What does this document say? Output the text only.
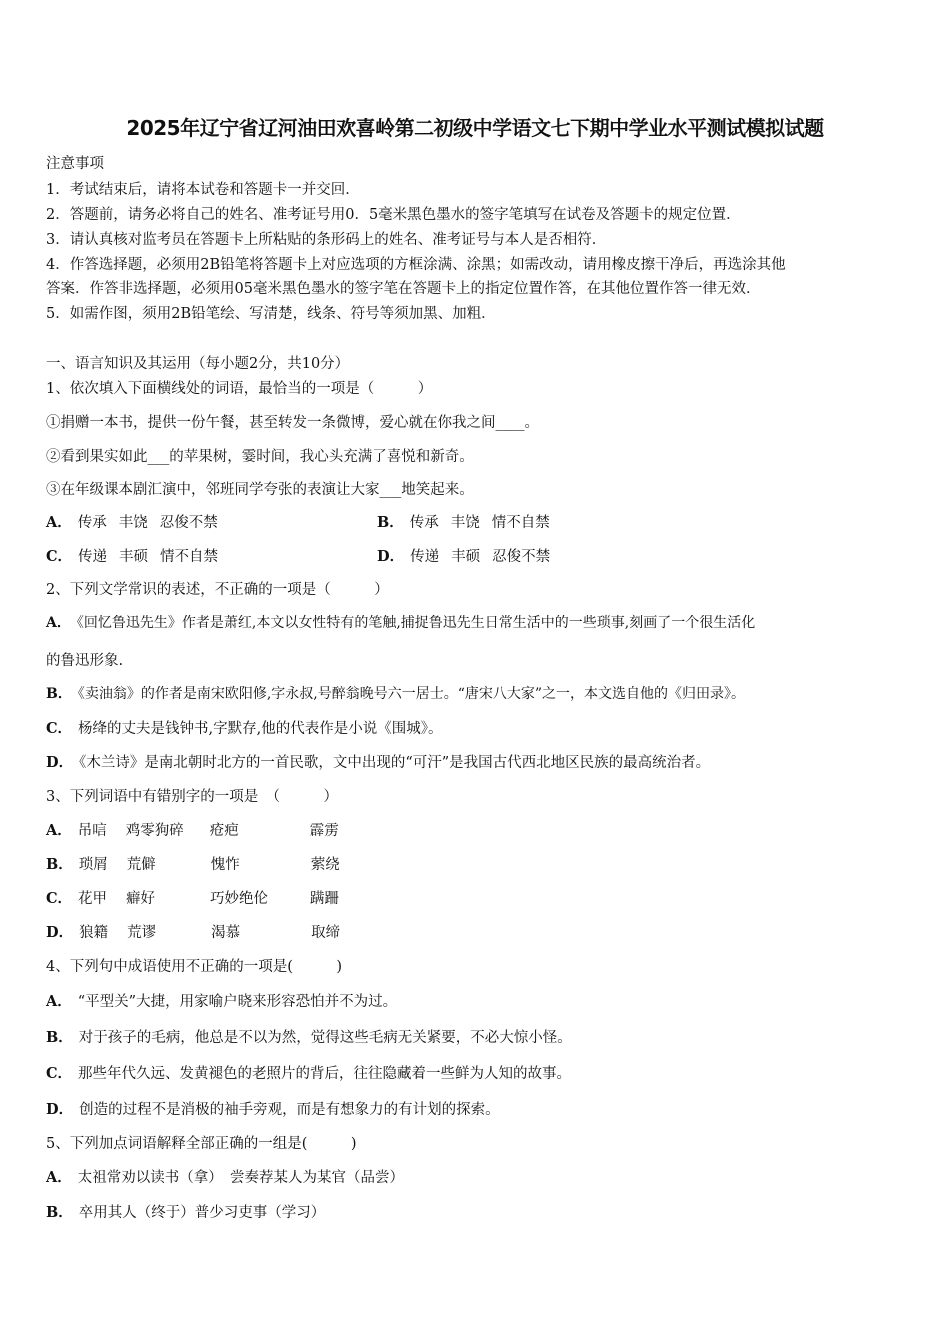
2025年辽宁省辽河油田欢喜岭第二初级中学语文七下期中学业水平测试模拟试题
注意事项
1．考试结束后，请将本试卷和答题卡一并交回．
2．答题前，请务必将自己的姓名、准考证号用0．5毫米黑色墨水的签字笔填写在试卷及答题卡的规定位置．
3．请认真核对监考员在答题卡上所粘贴的条形码上的姓名、准考证号与本人是否相符．
4．作答选择题，必须用2B铅笔将答题卡上对应选项的方框涂满、涂黑；如需改动，请用橡皮擦干净后，再选涂其他
答案．作答非选择题，必须用05毫米黑色墨水的签字笔在答题卡上的指定位置作答，在其他位置作答一律无效．
5．如需作图，须用2B铅笔绘、写清楚，线条、符号等须加黑、加粗．
一、语言知识及其运用（每小题2分，共10分）
1、依次填入下面横线处的词语，最恰当的一项是（　　　）
①捐赠一本书，提供一份午餐，甚至转发一条微博，爱心就在你我之间____。
②看到果实如此___的苹果树，霎时间，我心头充满了喜悦和新奇。
③在年级课本剧汇演中，邻班同学夸张的表演让大家___地笑起来。
A． 传承 丰饶 忍俊不禁	B． 传承 丰饶 情不自禁
C． 传递 丰硕 情不自禁	D． 传递 丰硕 忍俊不禁
2、下列文学常识的表述，不正确的一项是（　　　）
A． 《回忆鲁迅先生》作者是萧红,本文以女性特有的笔触,捕捉鲁迅先生日常生活中的一些琐事,刻画了一个很生活化
的鲁迅形象.
B． 《卖油翁》的作者是南宋欧阳修,字永叔,号醉翁晚号六一居士。“唐宋八大家”之一，本文选自他的《归田录》。
C． 杨绛的丈夫是钱钟书,字默存,他的代表作是小说《围城》。
D． 《木兰诗》是南北朝时北方的一首民歌，文中出现的“可汗”是我国古代西北地区民族的最高统治者。
3、下列词语中有错别字的一项是　（　　　）
A． 吊唁 鸡零狗碎 疮疤	霹雳
B． 琐屑 荒僻	愧怍	萦绕
C． 花甲 癖好	巧妙绝伦	蹒跚
D． 狼籍 荒谬	渴慕	取缔
4、下列句中成语使用不正确的一项是(　　　)
A． “平型关”大捷，用家喻户晓来形容恐怕并不为过。
B． 对于孩子的毛病，他总是不以为然，觉得这些毛病无关紧要，不必大惊小怪。
C． 那些年代久远、发黄褪色的老照片的背后，往往隐藏着一些鲜为人知的故事。
D． 创造的过程不是消极的袖手旁观，而是有想象力的有计划的探索。
5、下列加点词语解释全部正确的一组是(　　　)
A． 太祖常劝以读书（拿）　尝奏荐某人为某官（品尝）
B． 卒用其人（终于）普少习吏事（学习）
